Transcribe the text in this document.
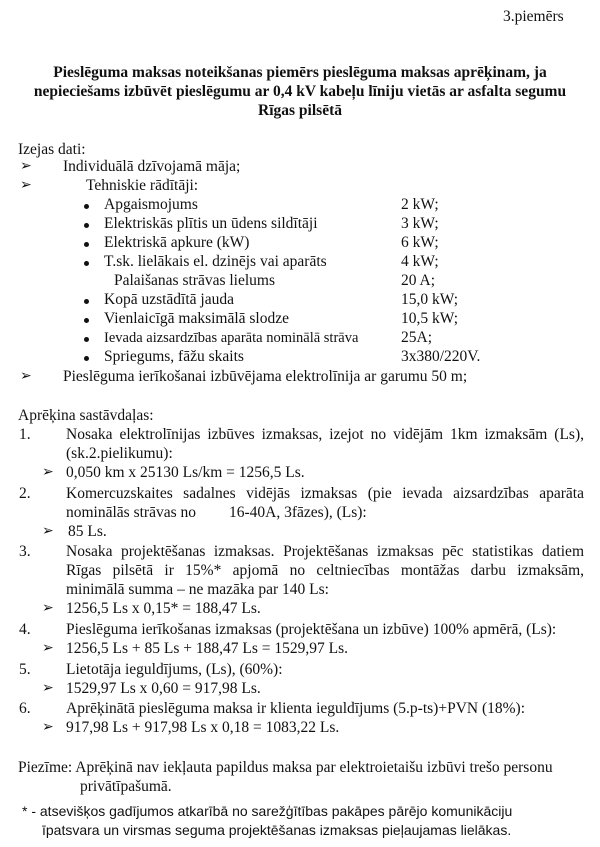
3.piemērs
Pieslēguma maksas noteikšanas piemērs pieslēguma maksas aprēķinam, ja
nepieciešams izbūvēt pieslēgumu ar 0,4 kV kabeļu līniju vietās ar asfalta segumu
Rīgas pilsētā
Izejas dati:
➢ Individuālā dzīvojamā māja;
➢	Tehniskie rādītāji:
Apgaismojums	2 kW;
Elektriskās plītis un ūdens sildītāji	3 kW;
Elektriskā apkure (kW)	6 kW;
T.sk. lielākais el. dzinējs vai aparāts	4 kW;
Palaišanas strāvas lielums	20 A;
Kopā uzstādītā jauda	15,0 kW;
Vienlaicīgā maksimālā slodze	10,5 kW;
Ievada aizsardzības aparāta nominālā strāva	25A;
Spriegums, fāžu skaits	3x380/220V.
➢ Pieslēguma ierīkošanai izbūvējama elektrolīnija ar garumu 50 m;
Aprēķina sastāvdaļas:
1. Nosaka elektrolīnijas izbūves izmaksas, izejot no vidējām 1km izmaksām (Ls),
(sk.2.pielikumu):
➢ 0,050 km x 25130 Ls/km = 1256,5 Ls.
2. Komercuzskaites sadalnes vidējās izmaksas (pie ievada aizsardzības aparāta
nominālās strāvas no 16-40A, 3fāzes), (Ls):
➢ 85 Ls.
3. Nosaka projektēšanas izmaksas. Projektēšanas izmaksas pēc statistikas datiem
Rīgas pilsētā ir 15%* apjomā no celtniecības montāžas darbu izmaksām,
minimālā summa – ne mazāka par 140 Ls:
➢ 1256,5 Ls x 0,15* = 188,47 Ls.
4. Pieslēguma ierīkošanas izmaksas (projektēšana un izbūve) 100% apmērā, (Ls):
➢ 1256,5 Ls + 85 Ls + 188,47 Ls = 1529,97 Ls.
5. Lietotāja ieguldījums, (Ls), (60%):
➢ 1529,97 Ls x 0,60 = 917,98 Ls.
6. Aprēķinātā pieslēguma maksa ir klienta ieguldījums (5.p-ts)+PVN (18%):
➢ 917,98 Ls + 917,98 Ls x 0,18 = 1083,22 Ls.
Piezīme: Aprēķinā nav iekļauta papildus maksa par elektroietaišu izbūvi trešo personu
privātīpašumā.
* - atsevišķos gadījumos atkarībā no sarežģītības pakāpes pārējo komunikāciju
īpatsvara un virsmas seguma projektēšanas izmaksas pieļaujamas lielākas.
